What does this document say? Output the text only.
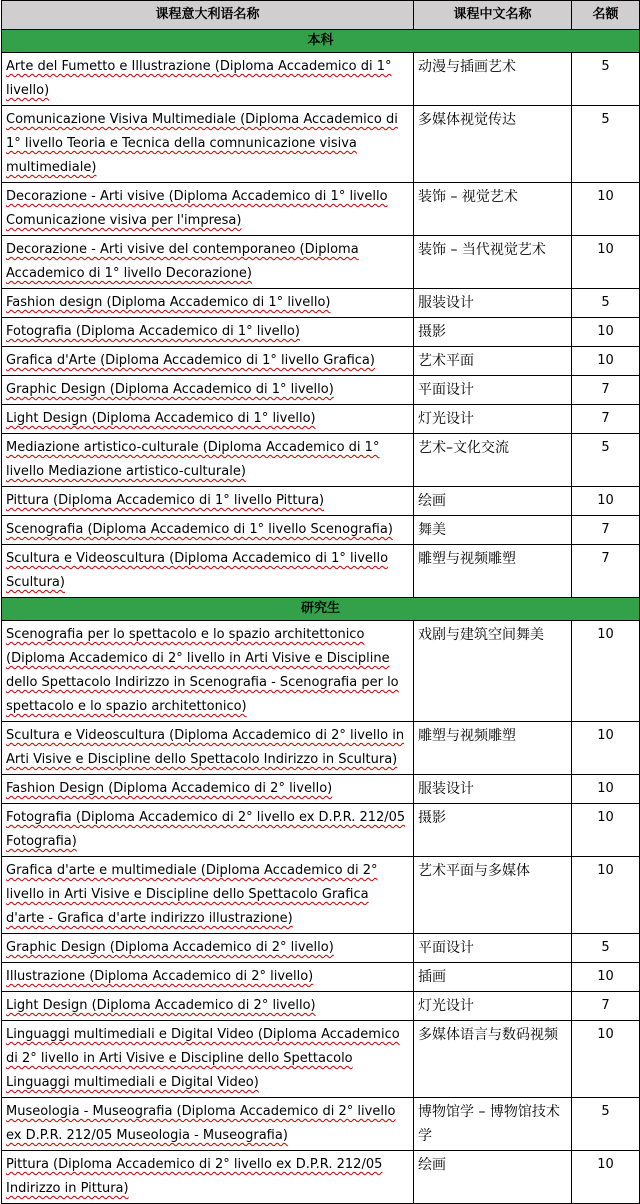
课程意大利语名称	课程中文名称	名额
本科		
Arte del Fumetto e Illustrazione (Diploma Accademico di 1° livello)	动漫与插画艺术	5
Comunicazione Visiva Multimediale (Diploma Accademico di 1° livello Teoria e Tecnica della comnunicazione visiva multimediale)	多媒体视觉传达	5
Decorazione - Arti visive (Diploma Accademico di 1° livello Comunicazione visiva per l'impresa)	装饰 – 视觉艺术	10
Decorazione - Arti visive del contemporaneo (Diploma Accademico di 1° livello Decorazione)	装饰 – 当代视觉艺术	10
Fashion design (Diploma Accademico di 1° livello)	服装设计	5
Fotografia (Diploma Accademico di 1° livello)	摄影	10
Grafica d'Arte (Diploma Accademico di 1° livello Grafica)	艺术平面	10
Graphic Design (Diploma Accademico di 1° livello)	平面设计	7
Light Design (Diploma Accademico di 1° livello)	灯光设计	7
Mediazione artistico-culturale (Diploma Accademico di 1° livello Mediazione artistico-culturale)	艺术–文化交流	5
Pittura (Diploma Accademico di 1° livello Pittura)	绘画	10
Scenografia (Diploma Accademico di 1° livello Scenografia)	舞美	7
Scultura e Videoscultura (Diploma Accademico di 1° livello Scultura)	雕塑与视频雕塑	7
研究生		
Scenografia per lo spettacolo e lo spazio architettonico (Diploma Accademico di 2° livello in Arti Visive e Discipline dello Spettacolo Indirizzo in Scenografia - Scenografia per lo spettacolo e lo spazio architettonico)	戏剧与建筑空间舞美	10
Scultura e Videoscultura (Diploma Accademico di 2° livello in Arti Visive e Discipline dello Spettacolo Indirizzo in Scultura)	雕塑与视频雕塑	10
Fashion Design (Diploma Accademico di 2° livello)	服装设计	10
Fotografia (Diploma Accademico di 2° livello ex D.P.R. 212/05 Fotografia)	摄影	10
Grafica d'arte e multimediale (Diploma Accademico di 2° livello in Arti Visive e Discipline dello Spettacolo Grafica d'arte - Grafica d'arte indirizzo illustrazione)	艺术平面与多媒体	10
Graphic Design (Diploma Accademico di 2° livello)	平面设计	5
Illustrazione (Diploma Accademico di 2° livello)	插画	10
Light Design (Diploma Accademico di 2° livello)	灯光设计	7
Linguaggi multimediali e Digital Video (Diploma Accademico di 2° livello in Arti Visive e Discipline dello Spettacolo Linguaggi multimediali e Digital Video)	多媒体语言与数码视频	10
Museologia - Museografia (Diploma Accademico di 2° livello ex D.P.R. 212/05 Museologia - Museografia)	博物馆学 – 博物馆技术学	5
Pittura (Diploma Accademico di 2° livello ex D.P.R. 212/05 Indirizzo in Pittura)	绘画	10
